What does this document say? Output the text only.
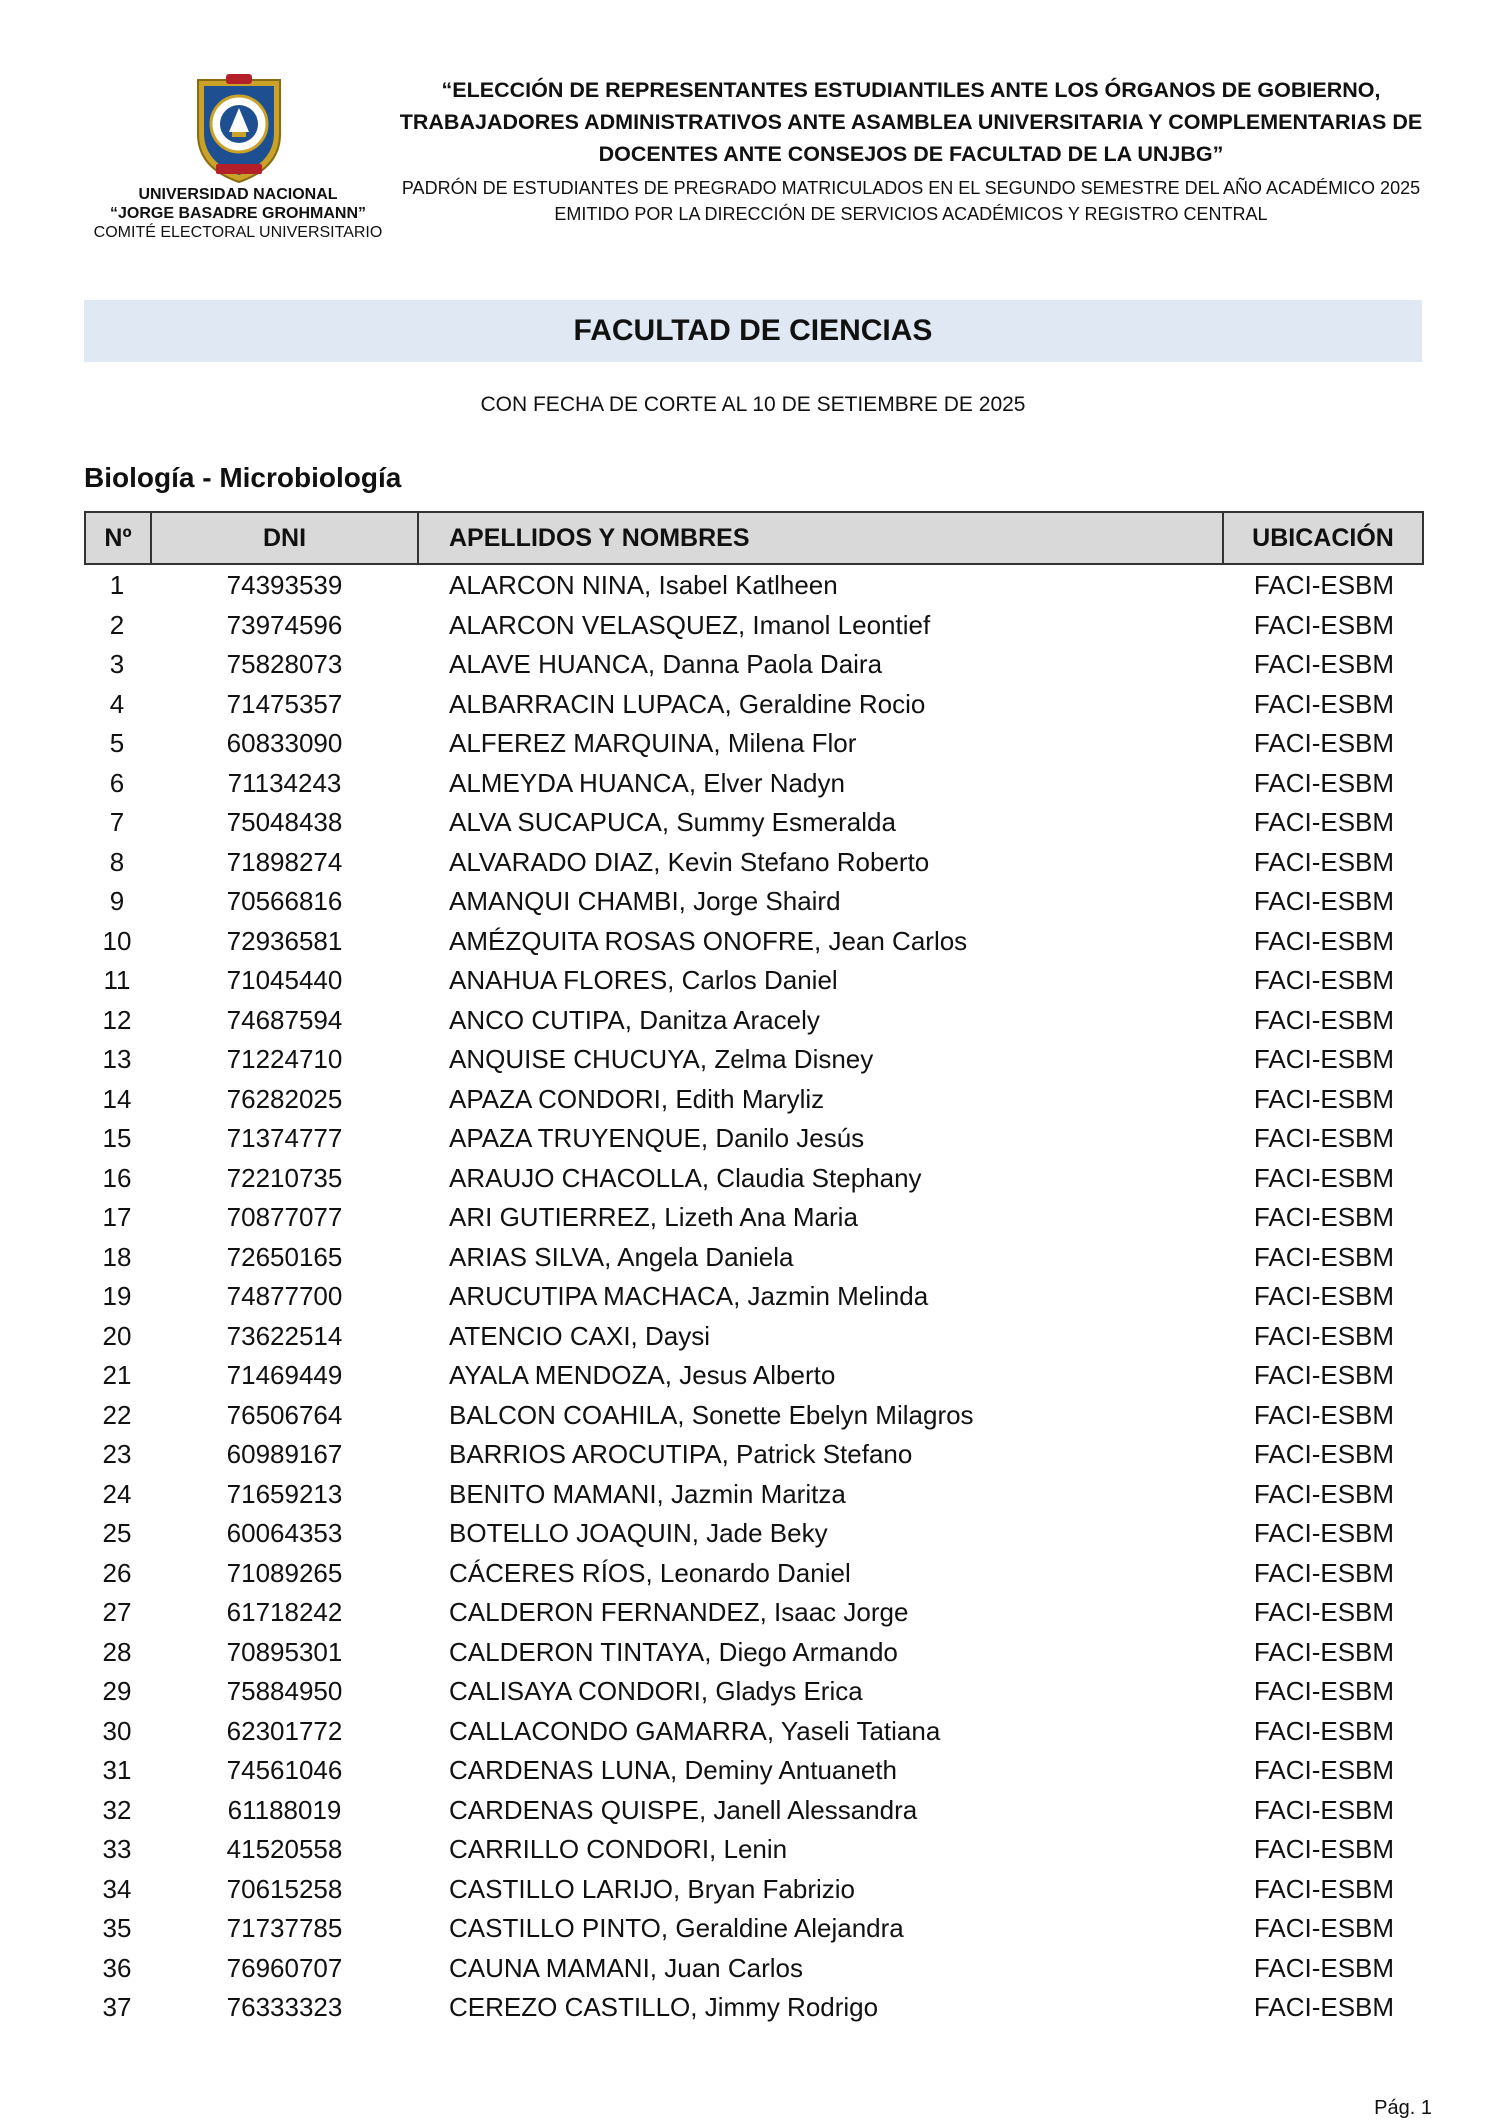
UNIVERSIDAD NACIONAL
“JORGE BASADRE GROHMANN”
COMITÉ ELECTORAL UNIVERSITARIO
“ELECCIÓN DE REPRESENTANTES ESTUDIANTILES ANTE LOS ÓRGANOS DE GOBIERNO,
TRABAJADORES ADMINISTRATIVOS ANTE ASAMBLEA UNIVERSITARIA Y COMPLEMENTARIAS DE
DOCENTES ANTE CONSEJOS DE FACULTAD DE LA UNJBG”
PADRÓN DE ESTUDIANTES DE PREGRADO MATRICULADOS EN EL SEGUNDO SEMESTRE DEL AÑO ACADÉMICO 2025
EMITIDO POR LA DIRECCIÓN DE SERVICIOS ACADÉMICOS Y REGISTRO CENTRAL
FACULTAD DE CIENCIAS
CON FECHA DE CORTE AL 10 DE SETIEMBRE DE 2025
Biología - Microbiología
Nº	DNI	APELLIDOS Y NOMBRES	UBICACIÓN
1	74393539	ALARCON NINA, Isabel Katlheen	FACI-ESBM
2	73974596	ALARCON VELASQUEZ, Imanol Leontief	FACI-ESBM
3	75828073	ALAVE HUANCA, Danna Paola Daira	FACI-ESBM
4	71475357	ALBARRACIN LUPACA, Geraldine Rocio	FACI-ESBM
5	60833090	ALFEREZ MARQUINA, Milena Flor	FACI-ESBM
6	71134243	ALMEYDA HUANCA, Elver Nadyn	FACI-ESBM
7	75048438	ALVA SUCAPUCA, Summy Esmeralda	FACI-ESBM
8	71898274	ALVARADO DIAZ, Kevin Stefano Roberto	FACI-ESBM
9	70566816	AMANQUI CHAMBI, Jorge Shaird	FACI-ESBM
10	72936581	AMÉZQUITA ROSAS ONOFRE, Jean Carlos	FACI-ESBM
11	71045440	ANAHUA FLORES, Carlos Daniel	FACI-ESBM
12	74687594	ANCO CUTIPA, Danitza Aracely	FACI-ESBM
13	71224710	ANQUISE CHUCUYA, Zelma Disney	FACI-ESBM
14	76282025	APAZA CONDORI, Edith Maryliz	FACI-ESBM
15	71374777	APAZA TRUYENQUE, Danilo Jesús	FACI-ESBM
16	72210735	ARAUJO CHACOLLA, Claudia Stephany	FACI-ESBM
17	70877077	ARI GUTIERREZ, Lizeth Ana Maria	FACI-ESBM
18	72650165	ARIAS SILVA, Angela Daniela	FACI-ESBM
19	74877700	ARUCUTIPA MACHACA, Jazmin Melinda	FACI-ESBM
20	73622514	ATENCIO CAXI, Daysi	FACI-ESBM
21	71469449	AYALA MENDOZA, Jesus Alberto	FACI-ESBM
22	76506764	BALCON COAHILA, Sonette Ebelyn Milagros	FACI-ESBM
23	60989167	BARRIOS AROCUTIPA, Patrick Stefano	FACI-ESBM
24	71659213	BENITO MAMANI, Jazmin Maritza	FACI-ESBM
25	60064353	BOTELLO JOAQUIN, Jade Beky	FACI-ESBM
26	71089265	CÁCERES RÍOS, Leonardo Daniel	FACI-ESBM
27	61718242	CALDERON FERNANDEZ, Isaac Jorge	FACI-ESBM
28	70895301	CALDERON TINTAYA, Diego Armando	FACI-ESBM
29	75884950	CALISAYA CONDORI, Gladys Erica	FACI-ESBM
30	62301772	CALLACONDO GAMARRA, Yaseli Tatiana	FACI-ESBM
31	74561046	CARDENAS LUNA, Deminy Antuaneth	FACI-ESBM
32	61188019	CARDENAS QUISPE, Janell Alessandra	FACI-ESBM
33	41520558	CARRILLO CONDORI, Lenin	FACI-ESBM
34	70615258	CASTILLO LARIJO, Bryan Fabrizio	FACI-ESBM
35	71737785	CASTILLO PINTO, Geraldine Alejandra	FACI-ESBM
36	76960707	CAUNA MAMANI, Juan Carlos	FACI-ESBM
37	76333323	CEREZO CASTILLO, Jimmy Rodrigo	FACI-ESBM
Pág. 1
